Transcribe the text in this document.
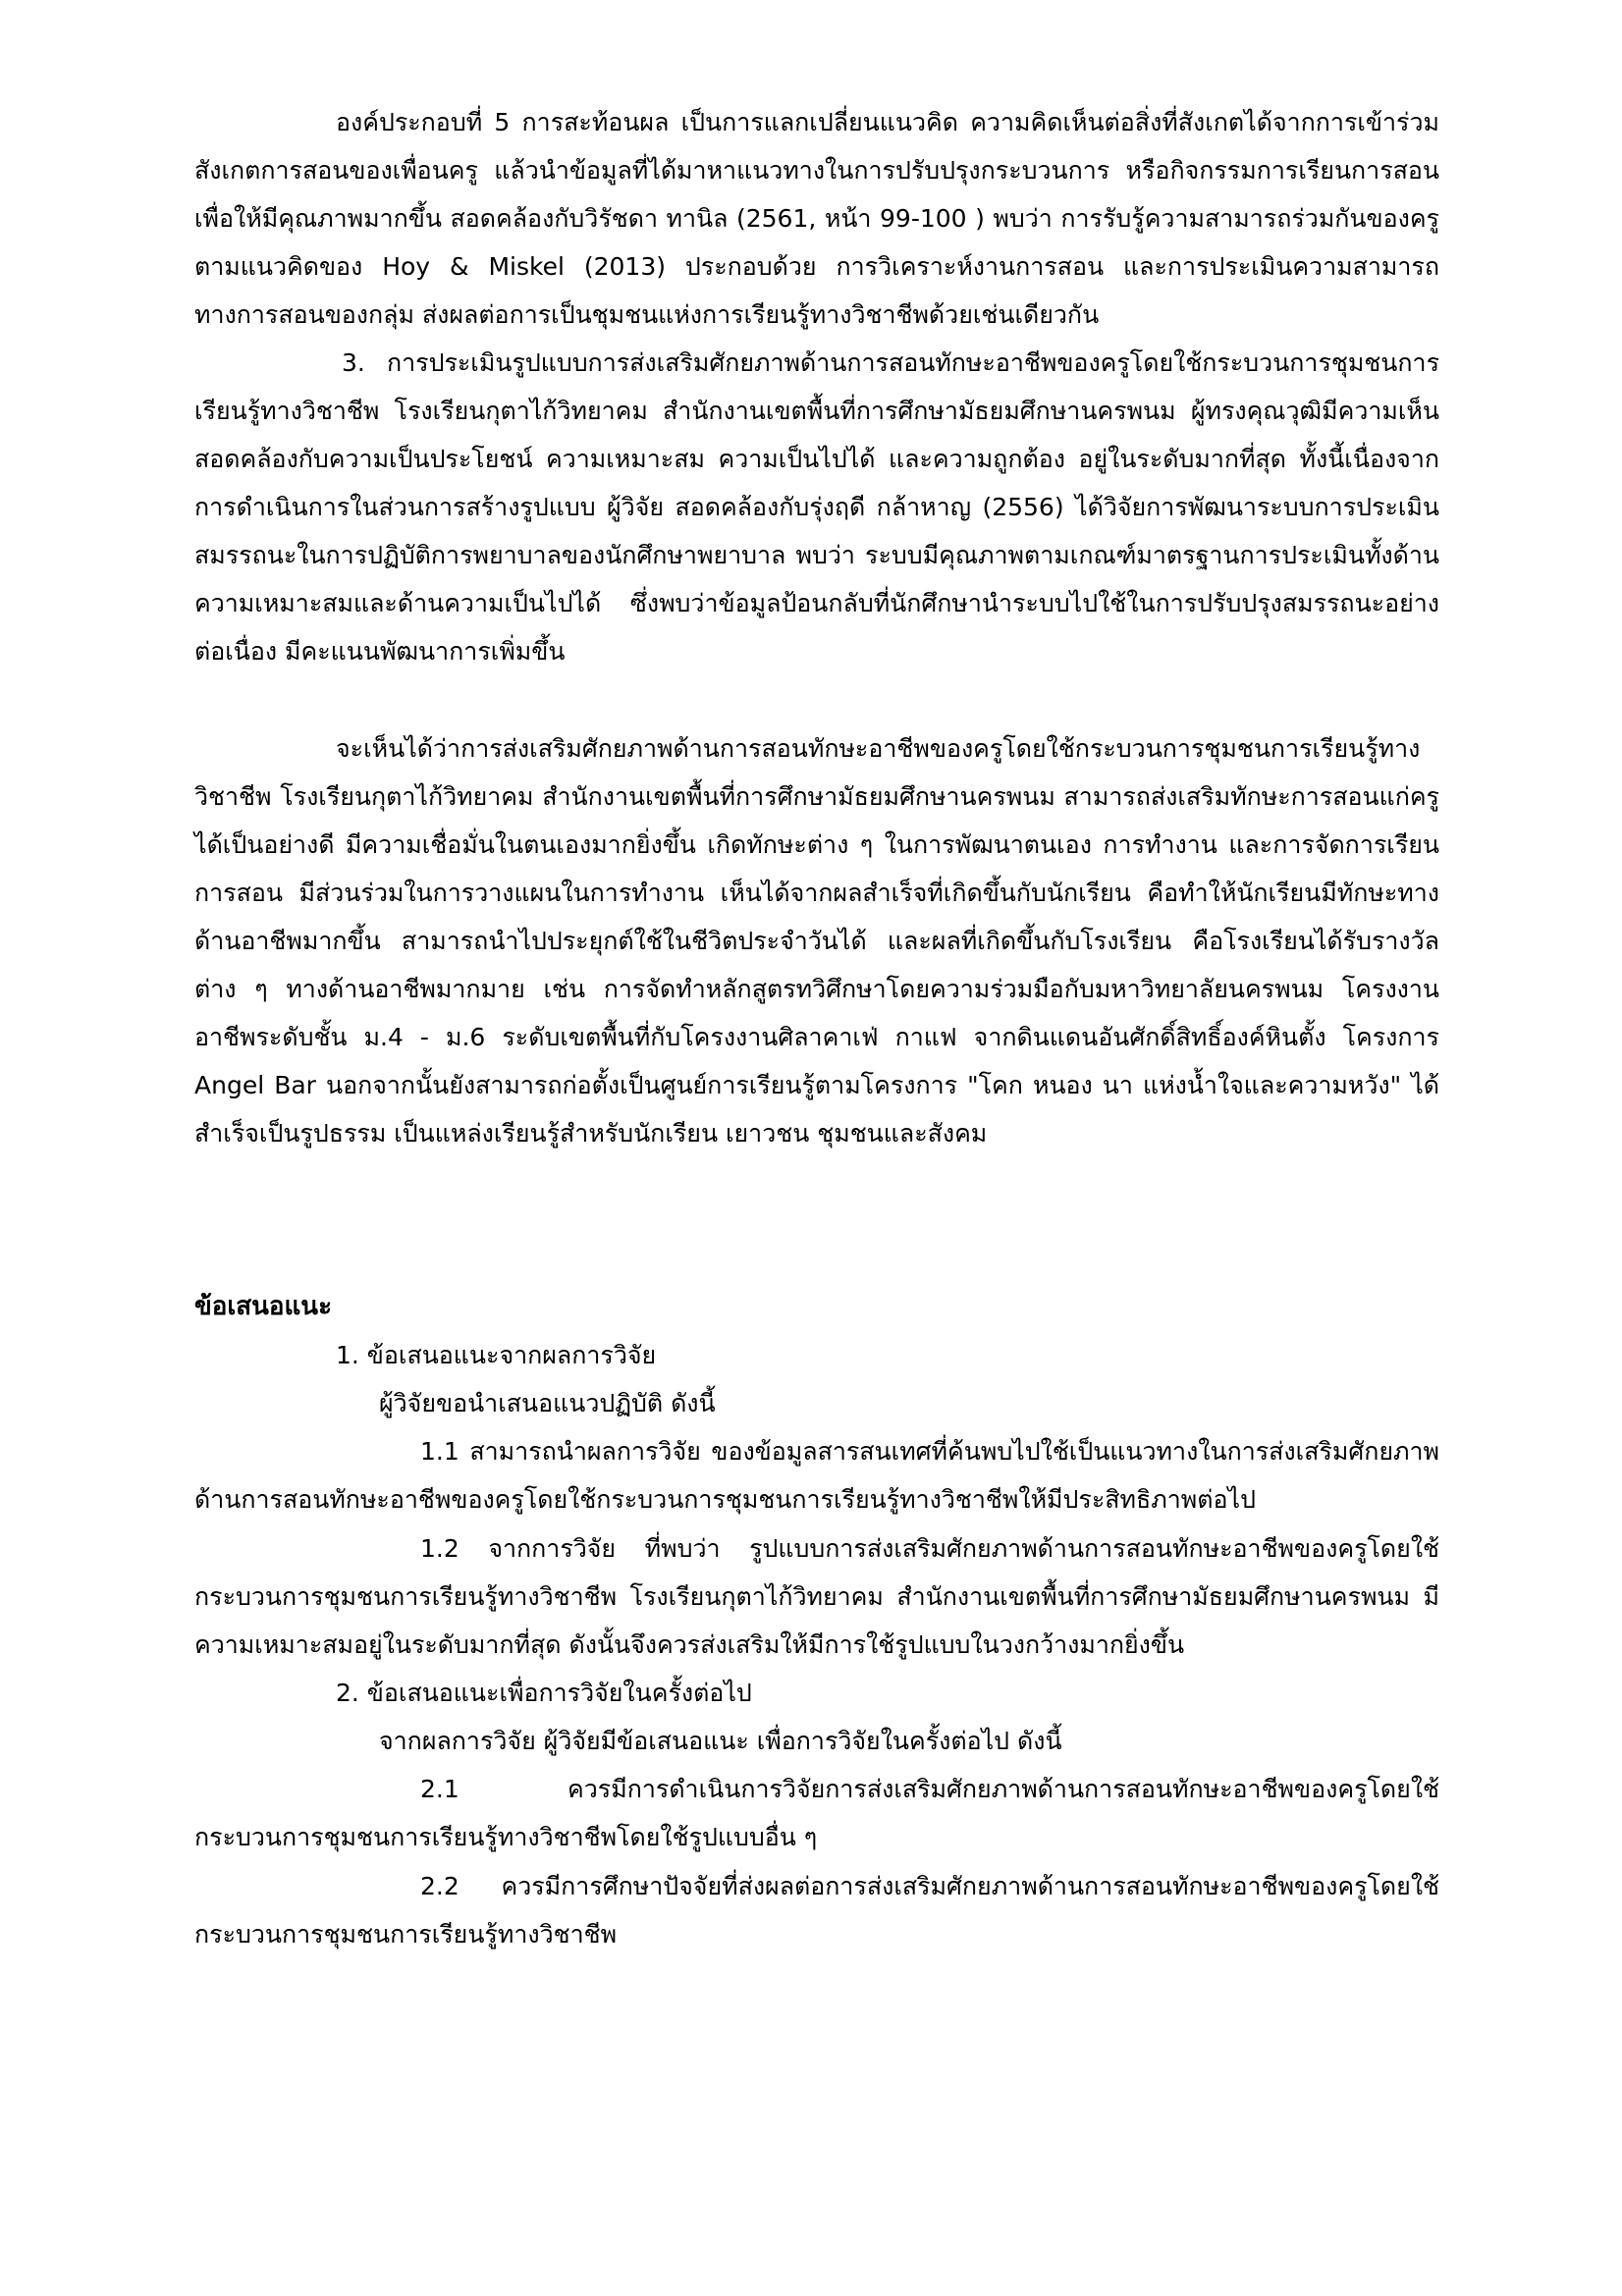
องค์ประกอบที่ 5 การสะท้อนผล เป็นการแลกเปลี่ยนแนวคิด ความคิดเห็นต่อสิ่งที่สังเกตได้จากการเข้าร่วมสังเกตการสอนของเพื่อนครู แล้วนำข้อมูลที่ได้มาหาแนวทางในการปรับปรุงกระบวนการ หรือกิจกรรมการเรียนการสอนเพื่อให้มีคุณภาพมากขึ้น สอดคล้องกับวิรัชดา ทานิล (2561, หน้า 99-100 ) พบว่า การรับรู้ความสามารถร่วมกันของครู ตามแนวคิดของ Hoy & Miskel (2013) ประกอบด้วย การวิเคราะห์งานการสอน และการประเมินความสามารถทางการสอนของกลุ่ม ส่งผลต่อการเป็นชุมชนแห่งการเรียนรู้ทางวิชาชีพด้วยเช่นเดียวกัน

3. การประเมินรูปแบบการส่งเสริมศักยภาพด้านการสอนทักษะอาชีพของครูโดยใช้กระบวนการชุมชนการเรียนรู้ทางวิชาชีพ โรงเรียนกุตาไก้วิทยาคม สำนักงานเขตพื้นที่การศึกษามัธยมศึกษานครพนม ผู้ทรงคุณวุฒิมีความเห็นสอดคล้องกับความเป็นประโยชน์ ความเหมาะสม ความเป็นไปได้ และความถูกต้อง อยู่ในระดับมากที่สุด ทั้งนี้เนื่องจากการดำเนินการในส่วนการสร้างรูปแบบ ผู้วิจัย สอดคล้องกับรุ่งฤดี กล้าหาญ (2556) ได้วิจัยการพัฒนาระบบการประเมินสมรรถนะในการปฏิบัติการพยาบาลของนักศึกษาพยาบาล พบว่า ระบบมีคุณภาพตามเกณฑ์มาตรฐานการประเมินทั้งด้านความเหมาะสมและด้านความเป็นไปได้ ซึ่งพบว่าข้อมูลป้อนกลับที่นักศึกษานำระบบไปใช้ในการปรับปรุงสมรรถนะอย่างต่อเนื่อง มีคะแนนพัฒนาการเพิ่มขึ้น

จะเห็นได้ว่าการส่งเสริมศักยภาพด้านการสอนทักษะอาชีพของครูโดยใช้กระบวนการชุมชนการเรียนรู้ทางวิชาชีพ โรงเรียนกุตาไก้วิทยาคม สำนักงานเขตพื้นที่การศึกษามัธยมศึกษานครพนม สามารถส่งเสริมทักษะการสอนแก่ครูได้เป็นอย่างดี มีความเชื่อมั่นในตนเองมากยิ่งขึ้น เกิดทักษะต่าง ๆ ในการพัฒนาตนเอง การทำงาน และการจัดการเรียนการสอน มีส่วนร่วมในการวางแผนในการทำงาน เห็นได้จากผลสำเร็จที่เกิดขึ้นกับนักเรียน คือทำให้นักเรียนมีทักษะทางด้านอาชีพมากขึ้น สามารถนำไปประยุกต์ใช้ในชีวิตประจำวันได้ และผลที่เกิดขึ้นกับโรงเรียน คือโรงเรียนได้รับรางวัลต่าง ๆ ทางด้านอาชีพมากมาย เช่น การจัดทำหลักสูตรทวิศึกษาโดยความร่วมมือกับมหาวิทยาลัยนครพนม โครงงานอาชีพระดับชั้น ม.4 - ม.6 ระดับเขตพื้นที่กับโครงงานศิลาคาเฟ่ กาแฟ จากดินแดนอันศักดิ์สิทธิ์องค์หินตั้ง โครงการ Angel Bar นอกจากนั้นยังสามารถก่อตั้งเป็นศูนย์การเรียนรู้ตามโครงการ "โคก หนอง นา แห่งน้ำใจและความหวัง" ได้สำเร็จเป็นรูปธรรม เป็นแหล่งเรียนรู้สำหรับนักเรียน เยาวชน ชุมชนและสังคม

ข้อเสนอแนะ

1. ข้อเสนอแนะจากผลการวิจัย

ผู้วิจัยขอนำเสนอแนวปฏิบัติ ดังนี้

1.1 สามารถนำผลการวิจัย ของข้อมูลสารสนเทศที่ค้นพบไปใช้เป็นแนวทางในการส่งเสริมศักยภาพด้านการสอนทักษะอาชีพของครูโดยใช้กระบวนการชุมชนการเรียนรู้ทางวิชาชีพให้มีประสิทธิภาพต่อไป

1.2 จากการวิจัย ที่พบว่า รูปแบบการส่งเสริมศักยภาพด้านการสอนทักษะอาชีพของครูโดยใช้กระบวนการชุมชนการเรียนรู้ทางวิชาชีพ โรงเรียนกุตาไก้วิทยาคม สำนักงานเขตพื้นที่การศึกษามัธยมศึกษานครพนม มีความเหมาะสมอยู่ในระดับมากที่สุด ดังนั้นจึงควรส่งเสริมให้มีการใช้รูปแบบในวงกว้างมากยิ่งขึ้น

2. ข้อเสนอแนะเพื่อการวิจัยในครั้งต่อไป

จากผลการวิจัย ผู้วิจัยมีข้อเสนอแนะ เพื่อการวิจัยในครั้งต่อไป ดังนี้

2.1 ควรมีการดำเนินการวิจัยการส่งเสริมศักยภาพด้านการสอนทักษะอาชีพของครูโดยใช้กระบวนการชุมชนการเรียนรู้ทางวิชาชีพโดยใช้รูปแบบอื่น ๆ

2.2 ควรมีการศึกษาปัจจัยที่ส่งผลต่อการส่งเสริมศักยภาพด้านการสอนทักษะอาชีพของครูโดยใช้กระบวนการชุมชนการเรียนรู้ทางวิชาชีพ
